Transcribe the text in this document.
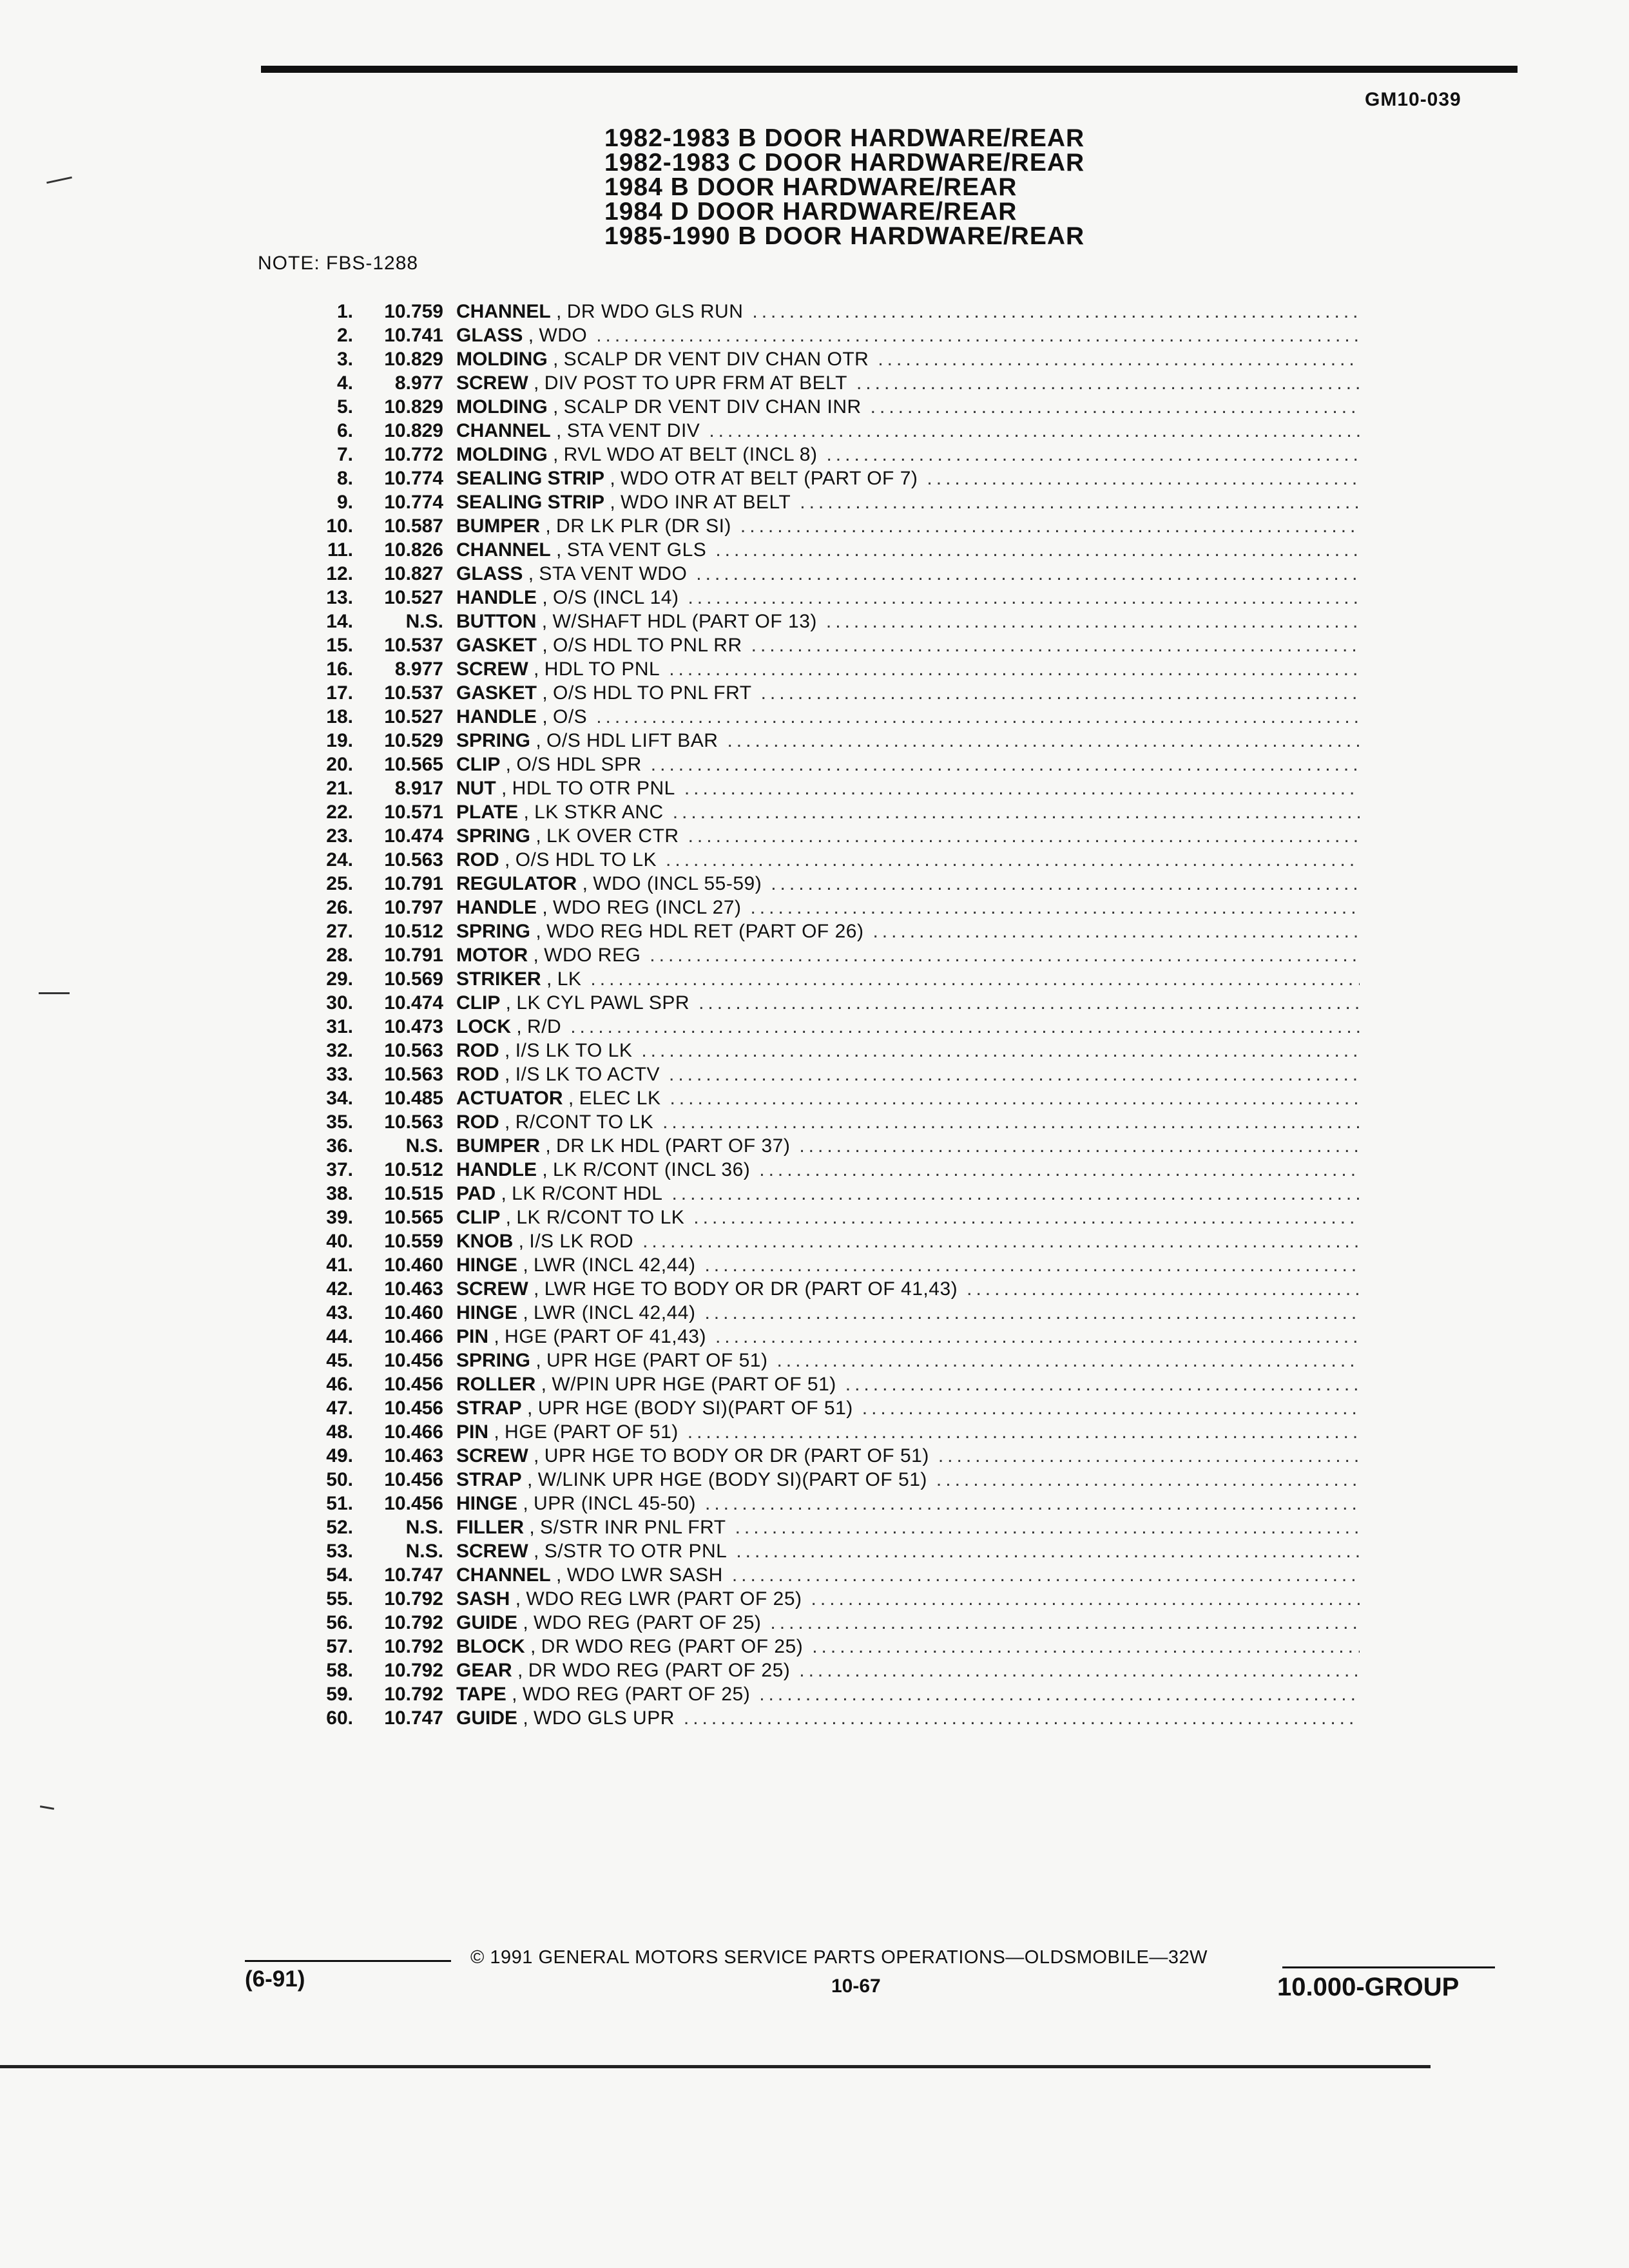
GM10-039
1982-1983 B DOOR HARDWARE/REAR
1982-1983 C DOOR HARDWARE/REAR
1984 B DOOR HARDWARE/REAR
1984 D DOOR HARDWARE/REAR
1985-1990 B DOOR HARDWARE/REAR
NOTE: FBS-1288
1.	10.759 CHANNEL , DR WDO GLS RUN
.....
2.	10.741 GLASS , WDO
.....
3.	10.829 MOLDING , SCALP DR VENT DIV CHAN OTR
.....
4.	8.977 SCREW , DIV POST TO UPR FRM AT BELT
.....
5.	10.829 MOLDING , SCALP DR VENT DIV CHAN INR
.....
6.	10.829 CHANNEL , STA VENT DIV
.....
7.	10.772 MOLDING , RVL WDO AT BELT (INCL 8)
.....
8.	10.774 SEALING STRIP , WDO OTR AT BELT (PART OF 7)
.....
9.	10.774 SEALING STRIP , WDO INR AT BELT
.....
10.	10.587 BUMPER , DR LK PLR (DR SI)
.....
11.	10.826 CHANNEL , STA VENT GLS
.....
12.	10.827 GLASS , STA VENT WDO
.....
13.	10.527 HANDLE , O/S (INCL 14)
.....
14.	N.S. BUTTON , W/SHAFT HDL (PART OF 13)
.....
15.	10.537 GASKET , O/S HDL TO PNL RR
.....
16.	8.977 SCREW , HDL TO PNL
.....
17.	10.537 GASKET , O/S HDL TO PNL FRT
.....
18.	10.527 HANDLE , O/S
.....
19.	10.529 SPRING , O/S HDL LIFT BAR
.....
20.	10.565 CLIP , O/S HDL SPR
.....
21.	8.917 NUT , HDL TO OTR PNL
.....
22.	10.571 PLATE , LK STKR ANC
.....
23.	10.474 SPRING , LK OVER CTR
.....
24.	10.563 ROD , O/S HDL TO LK
.....
25.	10.791 REGULATOR , WDO (INCL 55-59)
.....
26.	10.797 HANDLE , WDO REG (INCL 27)
.....
27.	10.512 SPRING , WDO REG HDL RET (PART OF 26)
.....
28.	10.791 MOTOR , WDO REG
.....
29.	10.569 STRIKER , LK
.....
30.	10.474 CLIP , LK CYL PAWL SPR
.....
31.	10.473 LOCK , R/D
.....
32.	10.563 ROD , I/S LK TO LK
.....
33.	10.563 ROD , I/S LK TO ACTV
.....
34.	10.485 ACTUATOR , ELEC LK
.....
35.	10.563 ROD , R/CONT TO LK
.....
36.	N.S. BUMPER , DR LK HDL (PART OF 37)
.....
37.	10.512 HANDLE , LK R/CONT (INCL 36)
.....
38.	10.515 PAD , LK R/CONT HDL
.....
39.	10.565 CLIP , LK R/CONT TO LK
.....
40.	10.559 KNOB , I/S LK ROD
.....
41.	10.460 HINGE , LWR (INCL 42,44)
.....
42.	10.463 SCREW , LWR HGE TO BODY OR DR (PART OF 41,43)
.....
43.	10.460 HINGE , LWR (INCL 42,44)
.....
44.	10.466 PIN , HGE (PART OF 41,43)
.....
45.	10.456 SPRING , UPR HGE (PART OF 51)
.....
46.	10.456 ROLLER , W/PIN UPR HGE (PART OF 51)
.....
47.	10.456 STRAP , UPR HGE (BODY SI)(PART OF 51)
.....
48.	10.466 PIN , HGE (PART OF 51)
.....
49.	10.463 SCREW , UPR HGE TO BODY OR DR (PART OF 51)
.....
50.	10.456 STRAP , W/LINK UPR HGE (BODY SI)(PART OF 51)
.....
51.	10.456 HINGE , UPR (INCL 45-50)
.....
52.	N.S. FILLER , S/STR INR PNL FRT
.....
53.	N.S. SCREW , S/STR TO OTR PNL
.....
54.	10.747 CHANNEL , WDO LWR SASH
.....
55.	10.792 SASH , WDO REG LWR (PART OF 25)
.....
56.	10.792 GUIDE , WDO REG (PART OF 25)
.....
57.	10.792 BLOCK , DR WDO REG (PART OF 25)
.....
58.	10.792 GEAR , DR WDO REG (PART OF 25)
.....
59.	10.792 TAPE , WDO REG (PART OF 25)
.....
60.	10.747 GUIDE , WDO GLS UPR
.....
© 1991 GENERAL MOTORS SERVICE PARTS OPERATIONS—OLDSMOBILE—32W
(6-91)	10-67	10.000-GROUP
